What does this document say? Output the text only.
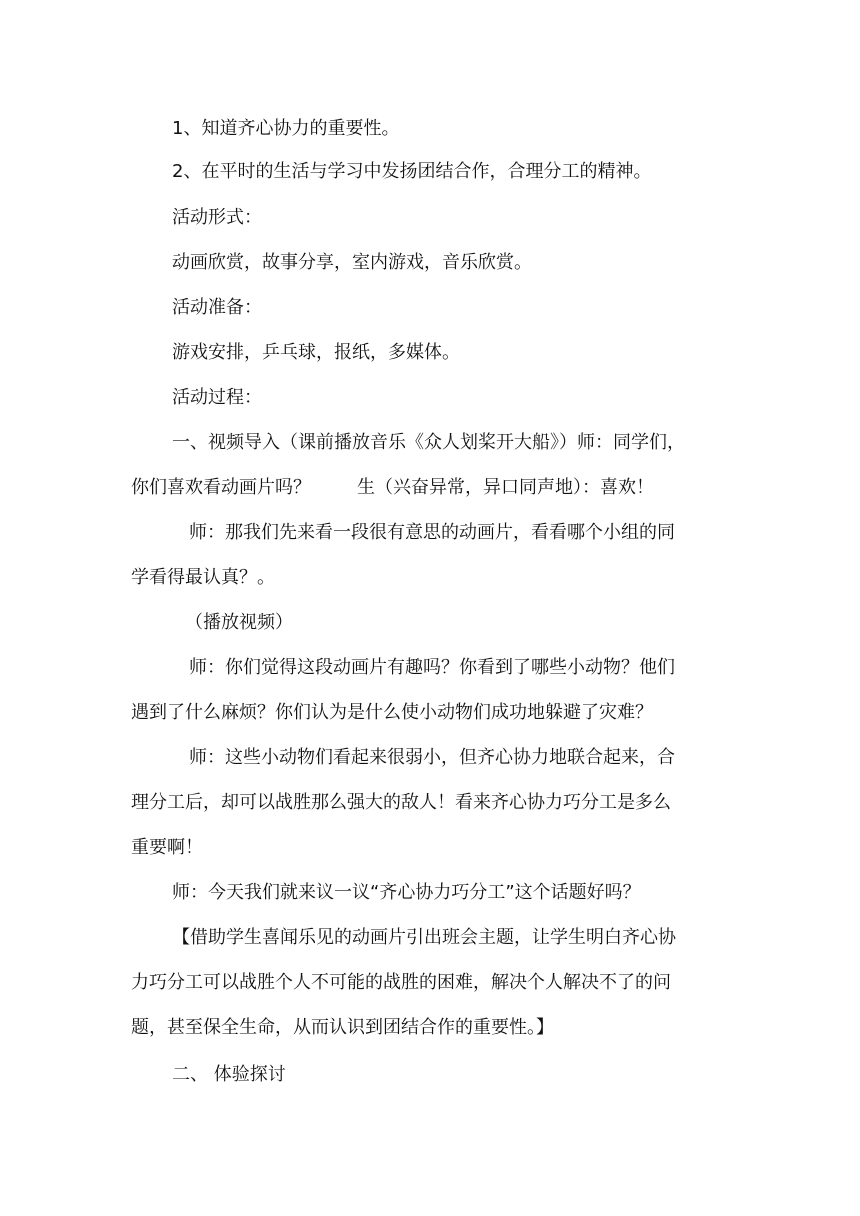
1、知道齐心协力的重要性。
2、在平时的生活与学习中发扬团结合作，合理分工的精神。
活动形式：
动画欣赏，故事分享，室内游戏，音乐欣赏。
活动准备：
游戏安排，乒乓球，报纸，多媒体。
活动过程：
一、视频导入（课前播放音乐《众人划桨开大船》）师：同学们，
你们喜欢看动画片吗？	生（兴奋异常，异口同声地）：喜欢！
师：那我们先来看一段很有意思的动画片，看看哪个小组的同
学看得最认真？。
（播放视频）
师：你们觉得这段动画片有趣吗？你看到了哪些小动物？他们
遇到了什么麻烦？你们认为是什么使小动物们成功地躲避了灾难？
师：这些小动物们看起来很弱小，但齐心协力地联合起来，合
理分工后，却可以战胜那么强大的敌人！看来齐心协力巧分工是多么
重要啊！
师：今天我们就来议一议“齐心协力巧分工”这个话题好吗？
【借助学生喜闻乐见的动画片引出班会主题，让学生明白齐心协
力巧分工可以战胜个人不可能的战胜的困难，解决个人解决不了的问
题，甚至保全生命，从而认识到团结合作的重要性。】
二、 体验探讨
